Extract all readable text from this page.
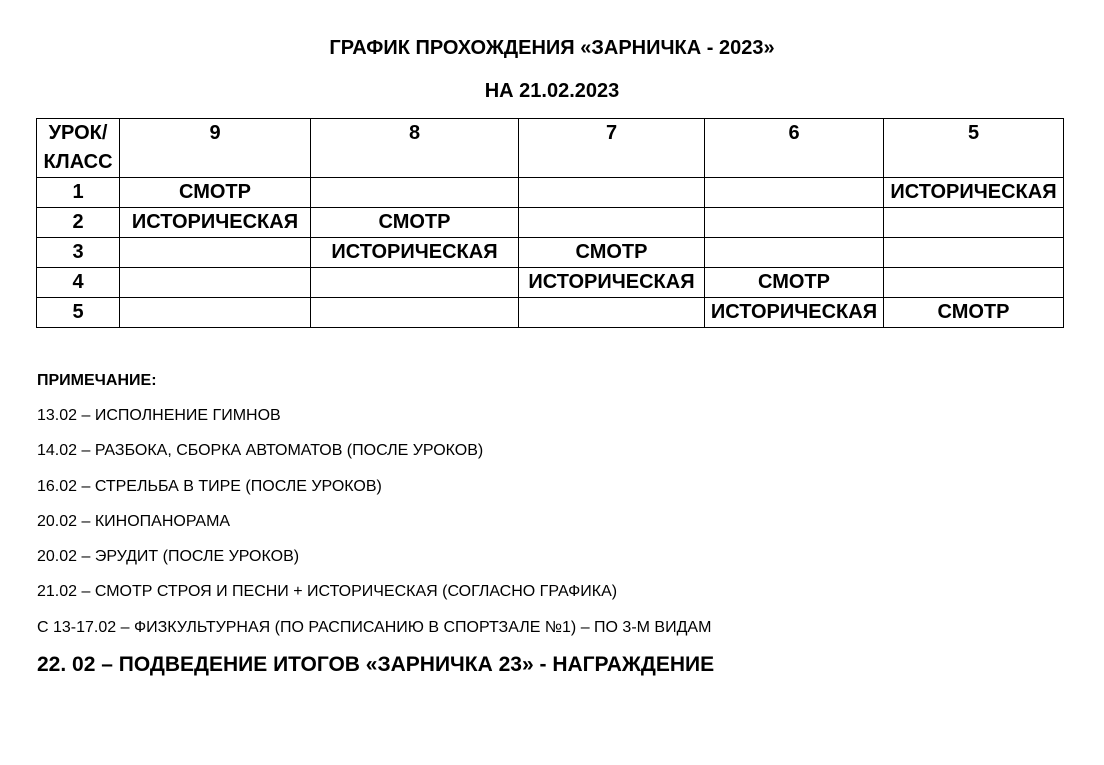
ГРАФИК ПРОХОЖДЕНИЯ «ЗАРНИЧКА - 2023»
НА 21.02.2023
УРОК/
КЛАСС	9	8	7	6	5
1	СМОТР				ИСТОРИЧЕСКАЯ
2	ИСТОРИЧЕСКАЯ	СМОТР			
3		ИСТОРИЧЕСКАЯ	СМОТР		
4			ИСТОРИЧЕСКАЯ	СМОТР	
5				ИСТОРИЧЕСКАЯ	СМОТР
ПРИМЕЧАНИЕ:
13.02 – ИСПОЛНЕНИЕ ГИМНОВ
14.02 – РАЗБОКА, СБОРКА АВТОМАТОВ (ПОСЛЕ УРОКОВ)
16.02 – СТРЕЛЬБА В ТИРЕ (ПОСЛЕ УРОКОВ)
20.02 – КИНОПАНОРАМА
20.02 – ЭРУДИТ (ПОСЛЕ УРОКОВ)
21.02 – СМОТР СТРОЯ И ПЕСНИ + ИСТОРИЧЕСКАЯ (СОГЛАСНО ГРАФИКА)
С 13-17.02 – ФИЗКУЛЬТУРНАЯ (ПО РАСПИСАНИЮ В СПОРТЗАЛЕ №1) – ПО 3-М ВИДАМ
22. 02 – ПОДВЕДЕНИЕ ИТОГОВ «ЗАРНИЧКА 23» - НАГРАЖДЕНИЕ
